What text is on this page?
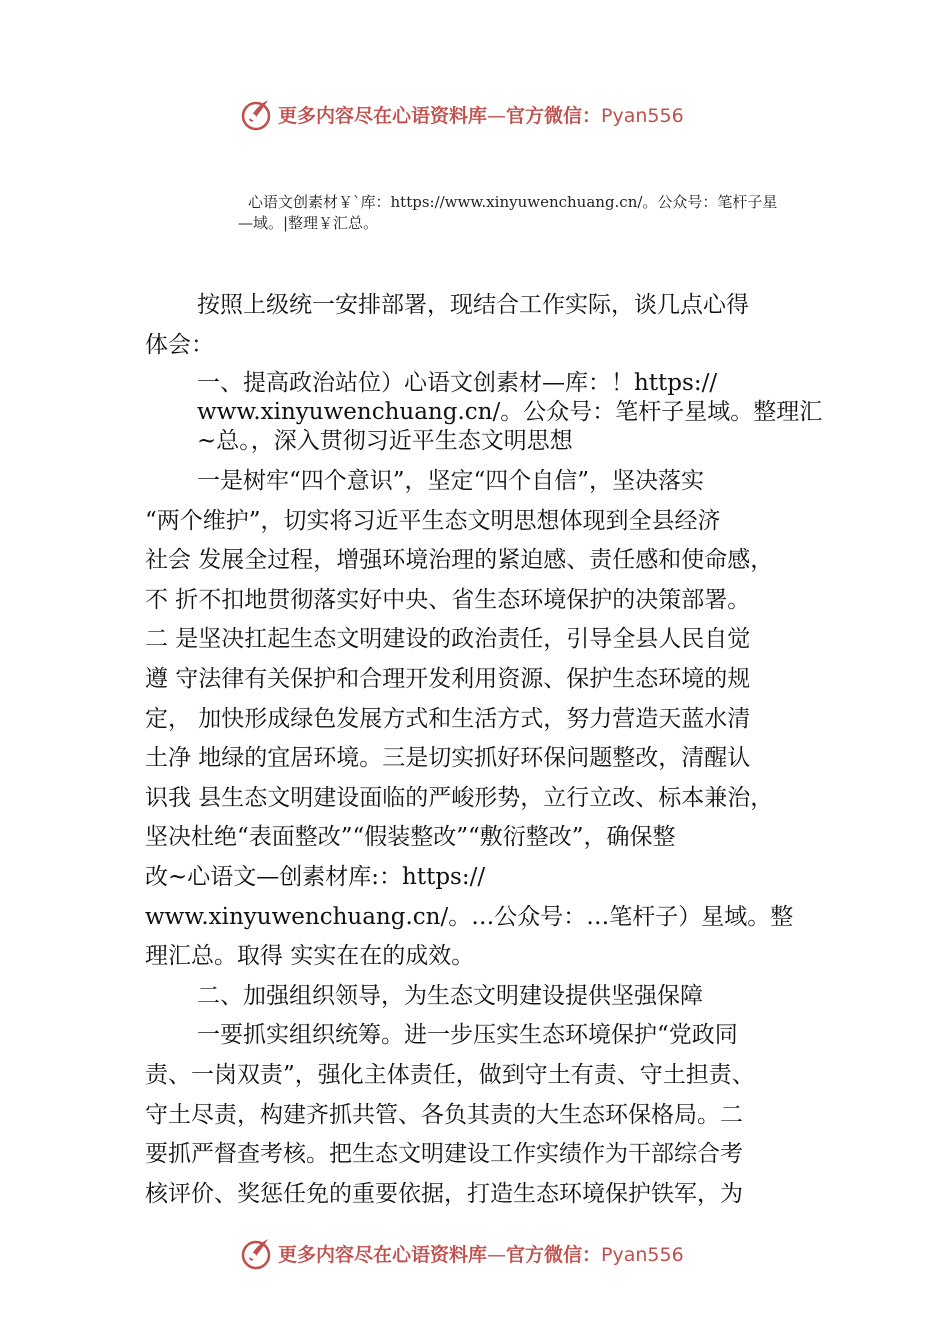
更多内容尽在心语资料库—官方微信：Pyan556
心语文创素材￥`库：https://www.xinyuwenchuang.cn/。公众号：笔杆子星
—域。|整理￥汇总。
按照上级统一安排部署，现结合工作实际，谈几点心得
体会：
一、提高政治站位）心语文创素材—库：！https://
www.xinyuwenchuang.cn/。公众号：笔杆子星域。整理汇
~总。，深入贯彻习近平生态文明思想
一是树牢“四个意识”，坚定“四个自信”，坚决落实
“两个维护”，切实将习近平生态文明思想体现到全县经济
社会 发展全过程，增强环境治理的紧迫感、责任感和使命感，
不 折不扣地贯彻落实好中央、省生态环境保护的决策部署。
二 是坚决扛起生态文明建设的政治责任，引导全县人民自觉
遵 守法律有关保护和合理开发利用资源、保护生态环境的规
定， 加快形成绿色发展方式和生活方式，努力营造天蓝水清
土净 地绿的宜居环境。三是切实抓好环保问题整改，清醒认
识我 县生态文明建设面临的严峻形势，立行立改、标本兼治，
坚决杜绝“表面整改”“假装整改”“敷衍整改”，确保整
改~心语文—创素材库:：https://
www.xinyuwenchuang.cn/。…公众号：…笔杆子）星域。整
理汇总。取得 实实在在的成效。
二、加强组织领导，为生态文明建设提供坚强保障
一要抓实组织统筹。进一步压实生态环境保护“党政同
责、一岗双责”，强化主体责任，做到守土有责、守土担责、
守土尽责，构建齐抓共管、各负其责的大生态环保格局。二
要抓严督查考核。把生态文明建设工作实绩作为干部综合考
核评价、奖惩任免的重要依据，打造生态环境保护铁军，为
更多内容尽在心语资料库—官方微信：Pyan556
